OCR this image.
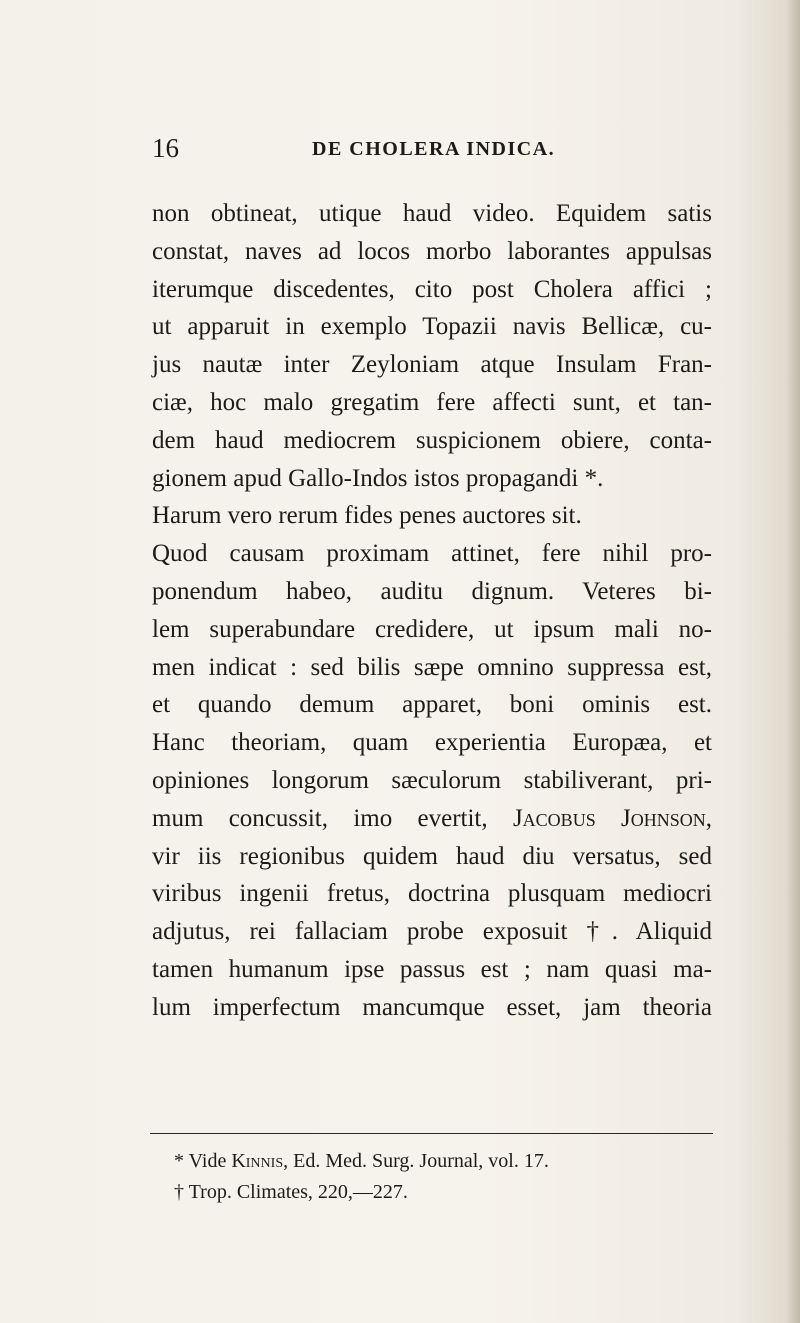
16	DE CHOLERA INDICA.
non obtineat, utique haud video. Equidem satis
constat, naves ad locos morbo laborantes appulsas
iterumque discedentes, cito post Cholera affici ;
ut apparuit in exemplo Topazii navis Bellicæ, cu-
jus nautæ inter Zeyloniam atque Insulam Fran-
ciæ, hoc malo gregatim fere affecti sunt, et tan-
dem haud mediocrem suspicionem obiere, conta-
gionem apud Gallo-Indos istos propagandi *.
Harum vero rerum fides penes auctores sit.
Quod causam proximam attinet, fere nihil pro-
ponendum habeo, auditu dignum. Veteres bi-
lem superabundare credidere, ut ipsum mali no-
men indicat : sed bilis sæpe omnino suppressa est,
et quando demum apparet, boni ominis est.
Hanc theoriam, quam experientia Europæa, et
opiniones longorum sæculorum stabiliverant, pri-
mum concussit, imo evertit, Jacobus Johnson,
vir iis regionibus quidem haud diu versatus, sed
viribus ingenii fretus, doctrina plusquam mediocri
adjutus, rei fallaciam probe exposuit †. Aliquid
tamen humanum ipse passus est ; nam quasi ma-
lum imperfectum mancumque esset, jam theoria
* Vide Kinnis, Ed. Med. Surg. Journal, vol. 17.
† Trop. Climates, 220,—227.
